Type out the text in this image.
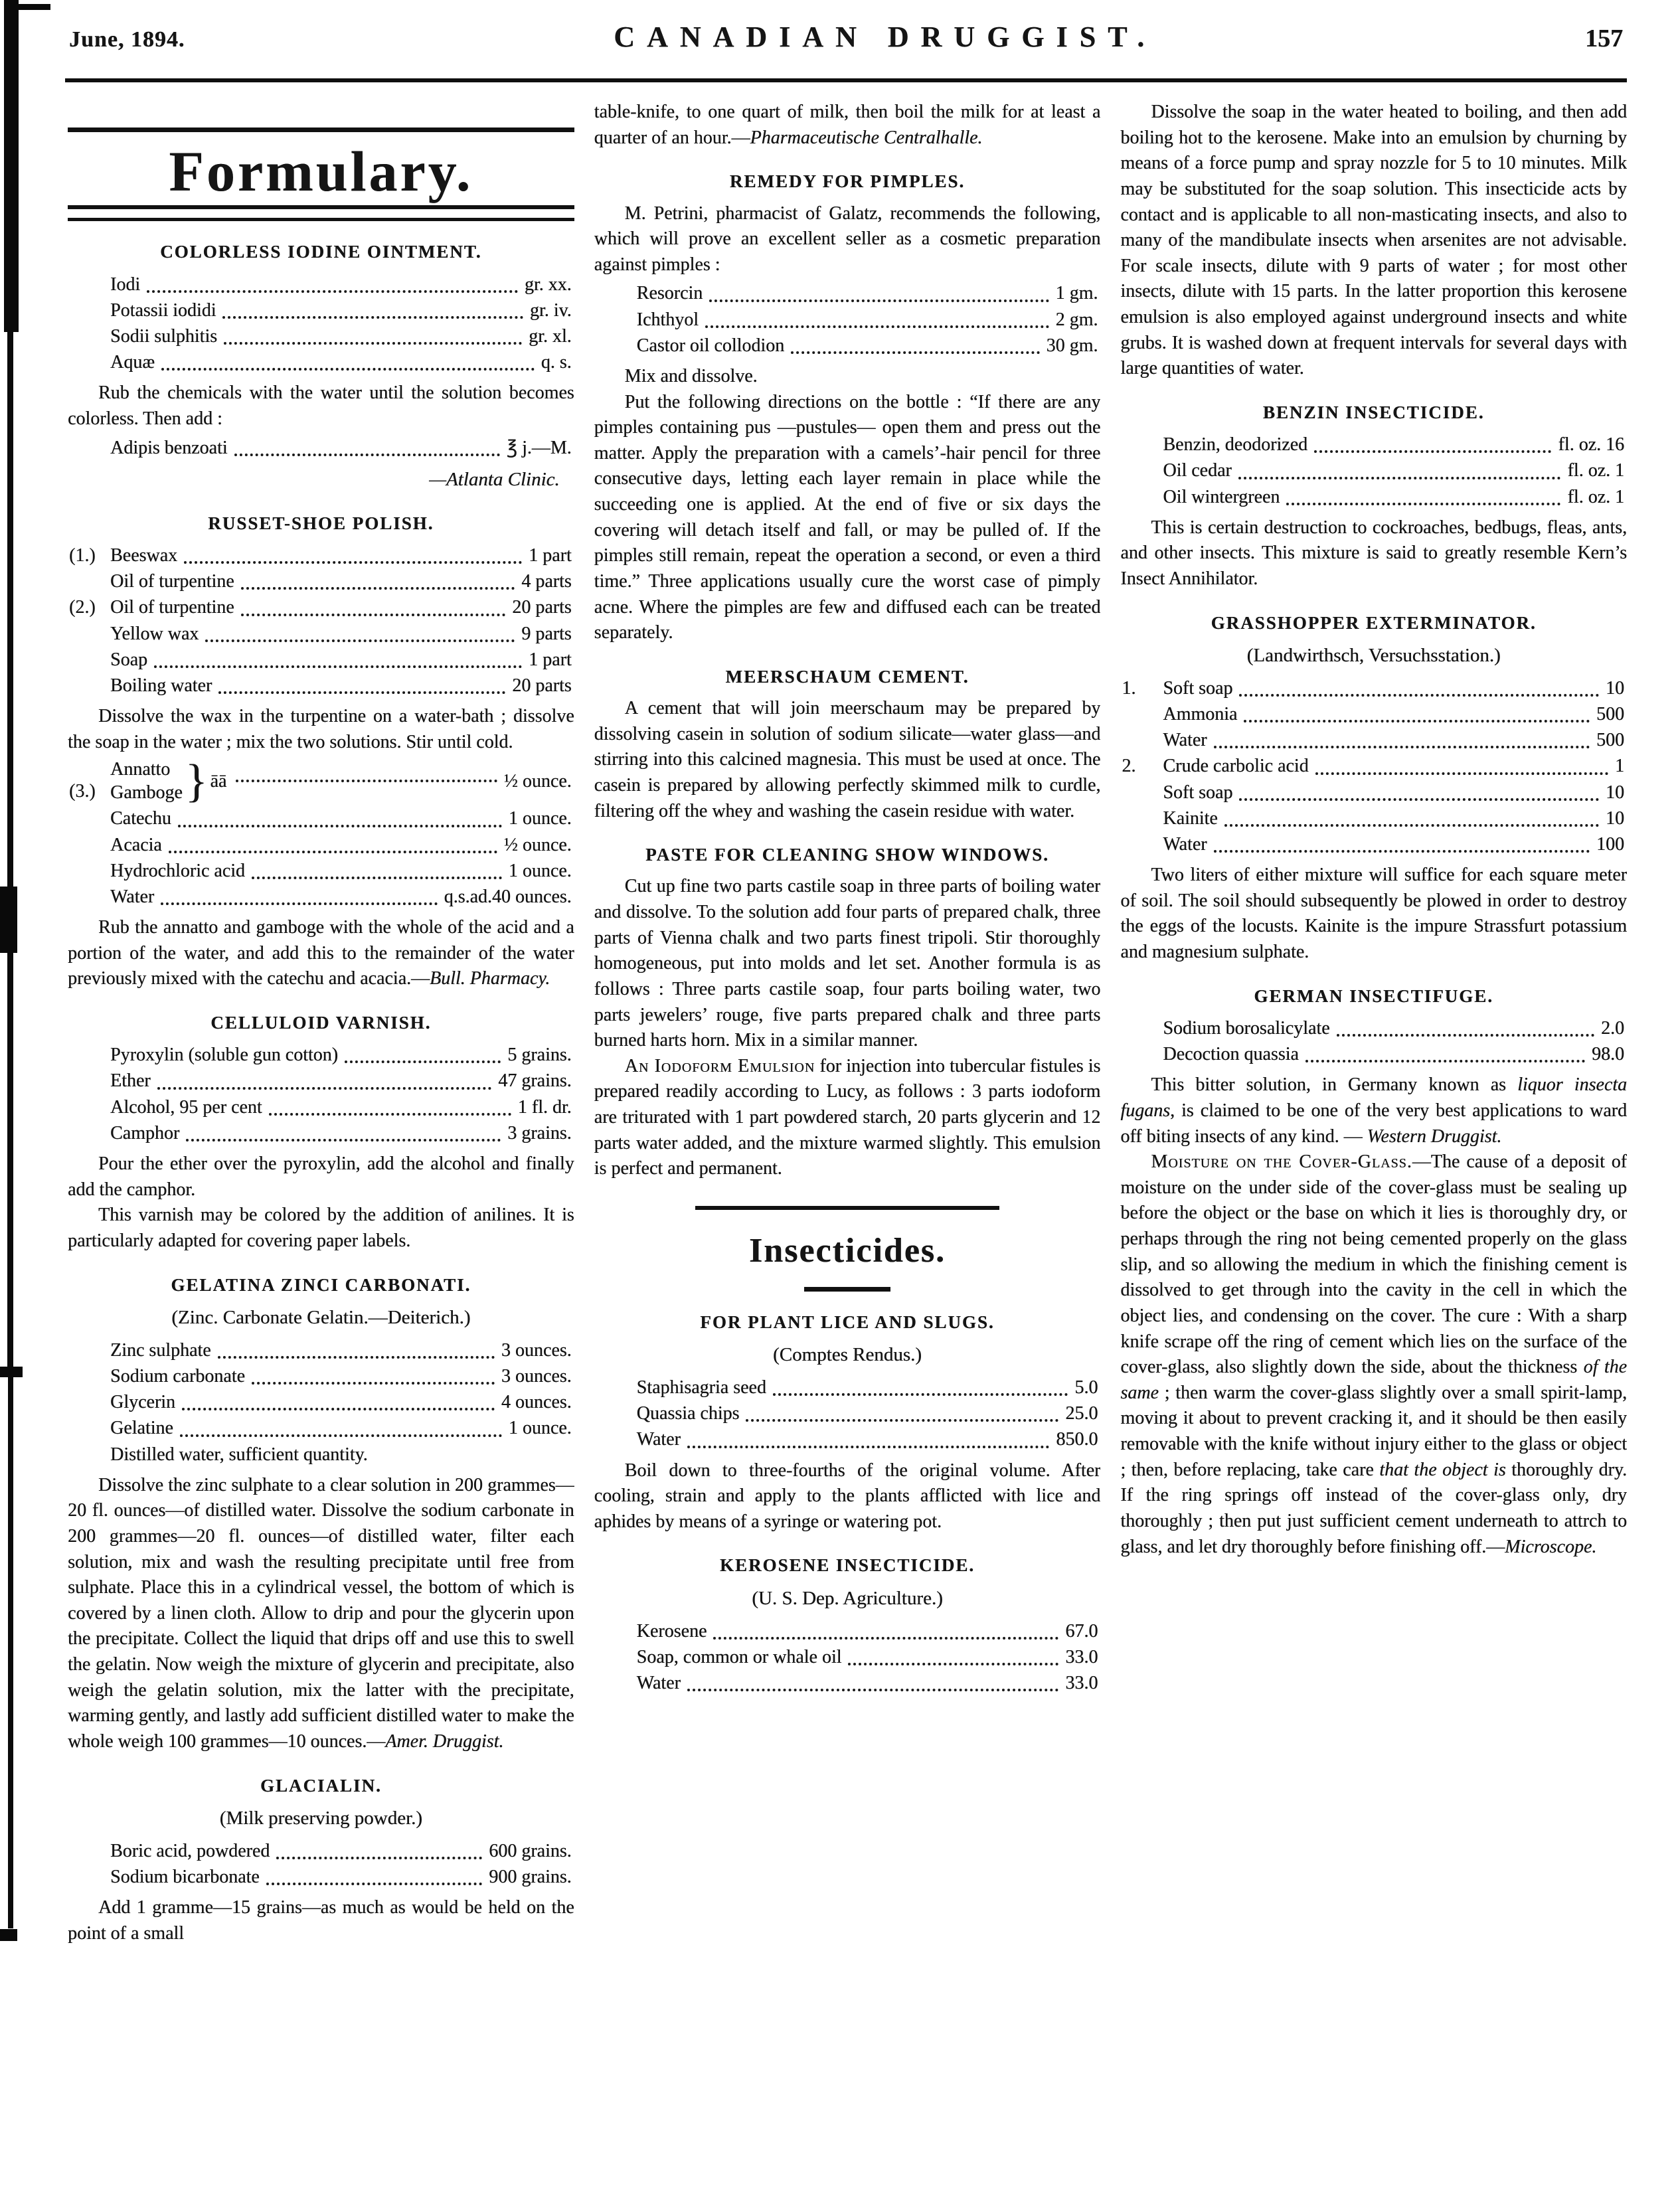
June, 1894.	CANADIAN DRUGGIST.	157
Formulary.
COLORLESS IODINE OINTMENT.
Iodi	gr. xx.
Potassii iodidi	gr. iv.
Sodii sulphitis	gr. xl.
Aquæ	q. s.

Rub the chemicals with the water until the solution becomes colorless. Then add :

Adipis benzoati	℥ j.—M.
—Atlanta Clinic.
RUSSET-SHOE POLISH.
(1.) Beeswax	1 part
Oil of turpentine	4 parts
(2.) Oil of turpentine	20 parts
Yellow wax	9 parts
Soap	1 part
Boiling water	20 parts

Dissolve the wax in the turpentine on a water-bath ; dissolve the soap in the water ; mix the two solutions. Stir until cold.

(3.)
Annatto
Gamboge } āā	½ ounce.
Catechu	1 ounce.
Acacia	½ ounce.
Hydrochloric acid	1 ounce.
Water	q.s.ad.40 ounces.

Rub the annatto and gamboge with the whole of the acid and a portion of the water, and add this to the remainder of the water previously mixed with the catechu and acacia.—Bull. Pharmacy.

CELLULOID VARNISH.
Pyroxylin (soluble gun cotton)	5 grains.
Ether	47 grains.
Alcohol, 95 per cent	1 fl. dr.
Camphor	3 grains.

Pour the ether over the pyroxylin, add the alcohol and finally add the camphor.

This varnish may be colored by the addition of anilines. It is particularly adapted for covering paper labels.

GELATINA ZINCI CARBONATI.
(Zinc. Carbonate Gelatin.—Deiterich.)
Zinc sulphate	3 ounces.
Sodium carbonate	3 ounces.
Glycerin	4 ounces.
Gelatine	1 ounce.
Distilled water, sufficient quantity.

Dissolve the zinc sulphate to a clear solution in 200 grammes—20 fl. ounces—of distilled water. Dissolve the sodium carbonate in 200 grammes—20 fl. ounces—of distilled water, filter each solution, mix and wash the resulting precipitate until free from sulphate. Place this in a cylindrical vessel, the bottom of which is covered by a linen cloth. Allow to drip and pour the glycerin upon the precipitate. Collect the liquid that drips off and use this to swell the gelatin. Now weigh the mixture of glycerin and precipitate, also weigh the gelatin solution, mix the latter with the precipitate, warming gently, and lastly add sufficient distilled water to make the whole weigh 100 grammes—10 ounces.—Amer. Druggist.

GLACIALIN.
(Milk preserving powder.)
Boric acid, powdered	600 grains.
Sodium bicarbonate	900 grains.

Add 1 gramme—15 grains—as much as would be held on the point of a small

table-knife, to one quart of milk, then boil the milk for at least a quarter of an hour.—Pharmaceutische Centralhalle.

REMEDY FOR PIMPLES.

M. Petrini, pharmacist of Galatz, recommends the following, which will prove an excellent seller as a cosmetic preparation against pimples :

Resorcin	1 gm.
Ichthyol	2 gm.
Castor oil collodion	30 gm.

Mix and dissolve.

Put the following directions on the bottle : “If there are any pimples containing pus —pustules— open them and press out the matter. Apply the preparation with a camels’-hair pencil for three consecutive days, letting each layer remain in place while the succeeding one is applied. At the end of five or six days the covering will detach itself and fall, or may be pulled of. If the pimples still remain, repeat the operation a second, or even a third time.” Three applications usually cure the worst case of pimply acne. Where the pimples are few and diffused each can be treated separately.

MEERSCHAUM CEMENT.

A cement that will join meerschaum may be prepared by dissolving casein in solution of sodium silicate—water glass—and stirring into this calcined magnesia. This must be used at once. The casein is prepared by allowing perfectly skimmed milk to curdle, filtering off the whey and washing the casein residue with water.

PASTE FOR CLEANING SHOW WINDOWS.

Cut up fine two parts castile soap in three parts of boiling water and dissolve. To the solution add four parts of prepared chalk, three parts of Vienna chalk and two parts finest tripoli. Stir thoroughly homogeneous, put into molds and let set. Another formula is as follows : Three parts castile soap, four parts boiling water, two parts jewelers’ rouge, five parts prepared chalk and three parts burned harts horn. Mix in a similar manner.

An Iodoform Emulsion for injection into tubercular fistules is prepared readily according to Lucy, as follows : 3 parts iodoform are triturated with 1 part powdered starch, 20 parts glycerin and 12 parts water added, and the mixture warmed slightly. This emulsion is perfect and permanent.

Insecticides.
FOR PLANT LICE AND SLUGS.
(Comptes Rendus.)
Staphisagria seed	5.0
Quassia chips	25.0
Water	850.0

Boil down to three-fourths of the original volume. After cooling, strain and apply to the plants afflicted with lice and aphides by means of a syringe or watering pot.

KEROSENE INSECTICIDE.
(U. S. Dep. Agriculture.)
Kerosene	67.0
Soap, common or whale oil	33.0
Water	33.0

Dissolve the soap in the water heated to boiling, and then add boiling hot to the kerosene. Make into an emulsion by churning by means of a force pump and spray nozzle for 5 to 10 minutes. Milk may be substituted for the soap solution. This insecticide acts by contact and is applicable to all non-masticating insects, and also to many of the mandibulate insects when arsenites are not advisable. For scale insects, dilute with 9 parts of water ; for most other insects, dilute with 15 parts. In the latter proportion this kerosene emulsion is also employed against underground insects and white grubs. It is washed down at frequent intervals for several days with large quantities of water.

BENZIN INSECTICIDE.
Benzin, deodorized	fl. oz. 16
Oil cedar	fl. oz. 1
Oil wintergreen	fl. oz. 1

This is certain destruction to cockroaches, bedbugs, fleas, ants, and other insects. This mixture is said to greatly resemble Kern’s Insect Annihilator.

GRASSHOPPER EXTERMINATOR.
(Landwirthsch, Versuchsstation.)
1. Soft soap	10
Ammonia	500
Water	500
2. Crude carbolic acid	1
Soft soap	10
Kainite	10
Water	100

Two liters of either mixture will suffice for each square meter of soil. The soil should subsequently be plowed in order to destroy the eggs of the locusts. Kainite is the impure Strassfurt potassium and magnesium sulphate.

GERMAN INSECTIFUGE.
Sodium borosalicylate	2.0
Decoction quassia	98.0

This bitter solution, in Germany known as liquor insecta fugans, is claimed to be one of the very best applications to ward off biting insects of any kind. — Western Druggist.

Moisture on the Cover-Glass.—The cause of a deposit of moisture on the under side of the cover-glass must be sealing up before the object or the base on which it lies is thoroughly dry, or perhaps through the ring not being cemented properly on the glass slip, and so allowing the medium in which the finishing cement is dissolved to get through into the cavity in the cell in which the object lies, and condensing on the cover. The cure : With a sharp knife scrape off the ring of cement which lies on the surface of the cover-glass, also slightly down the side, about the thickness of the same ; then warm the cover-glass slightly over a small spirit-lamp, moving it about to prevent cracking it, and it should be then easily removable with the knife without injury either to the glass or object ; then, before replacing, take care that the object is thoroughly dry. If the ring springs off instead of the cover-glass only, dry thoroughly ; then put just sufficient cement underneath to attrch to glass, and let dry thoroughly before finishing off.—Microscope.
